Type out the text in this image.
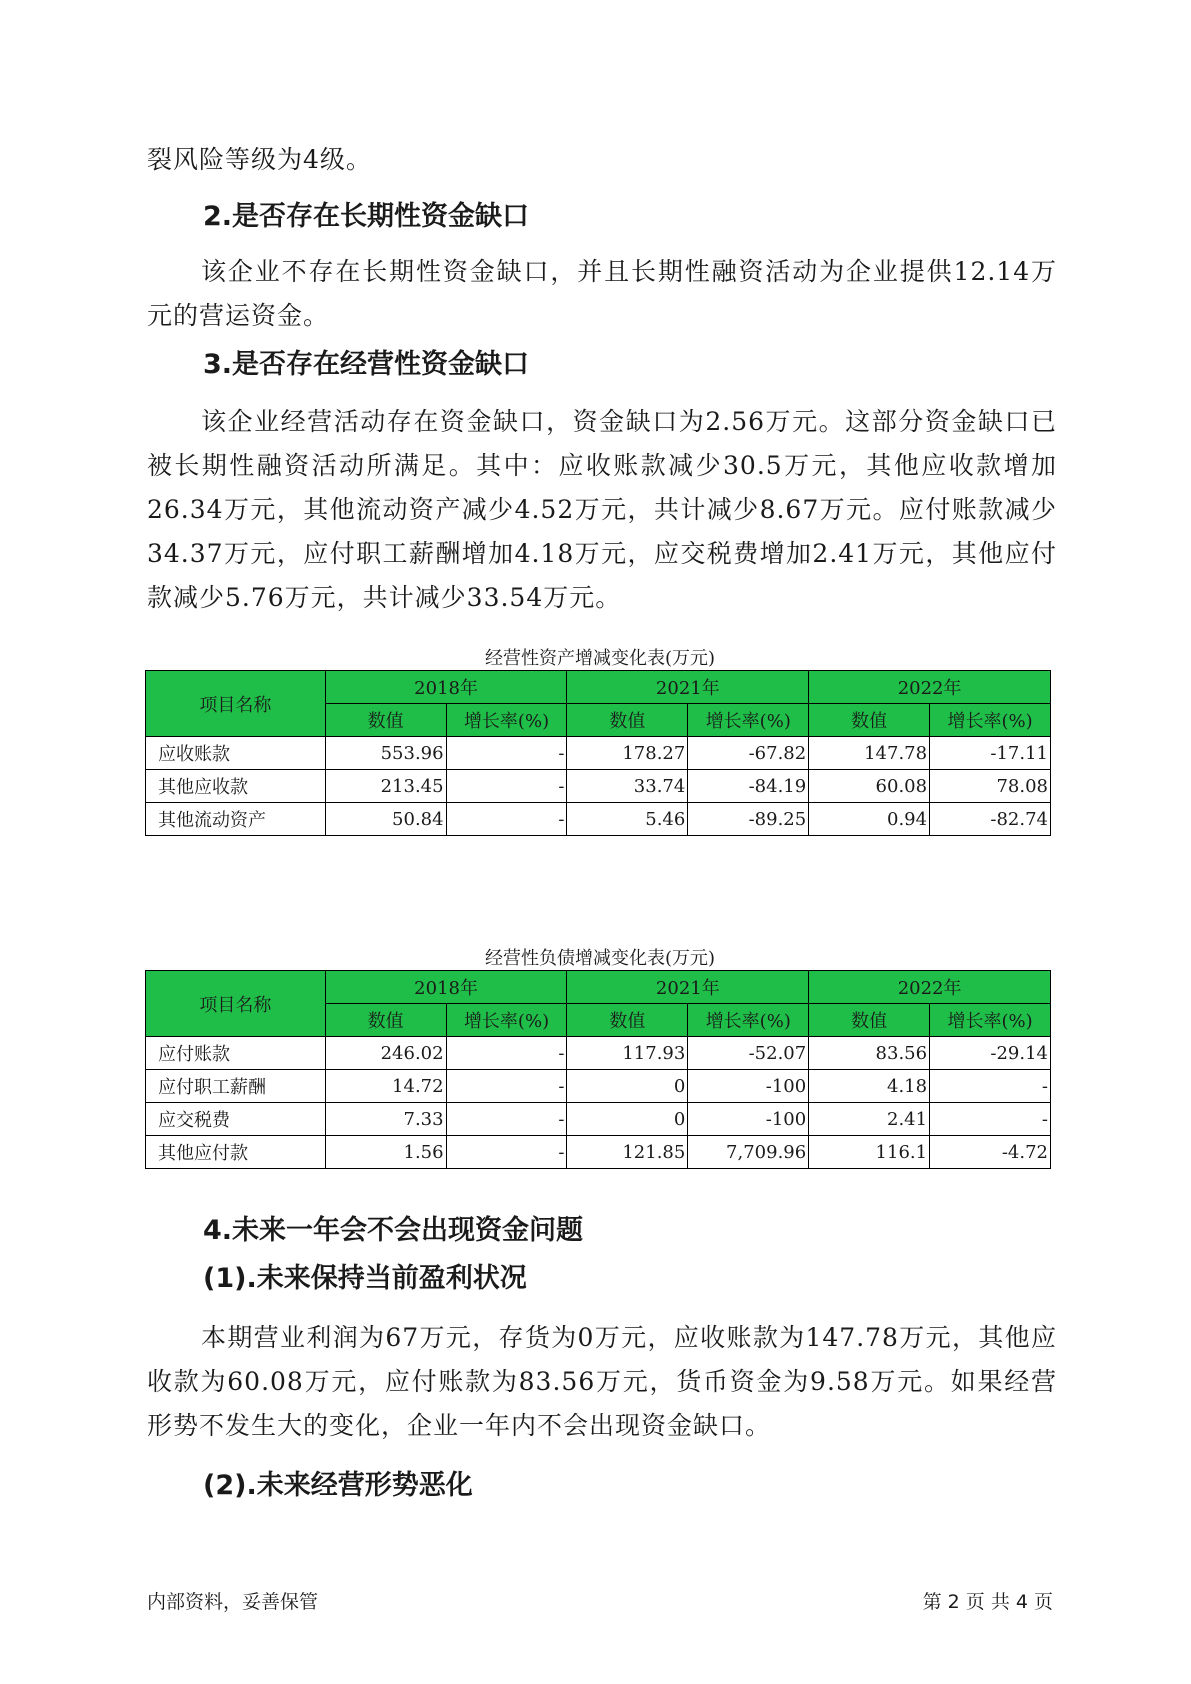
裂风险等级为4级。

2.是否存在长期性资金缺口

该企业不存在长期性资金缺口，并且长期性融资活动为企业提供12.14万元的营运资金。

3.是否存在经营性资金缺口

该企业经营活动存在资金缺口，资金缺口为2.56万元。这部分资金缺口已被长期性融资活动所满足。其中：应收账款减少30.5万元，其他应收款增加26.34万元，其他流动资产减少4.52万元，共计减少8.67万元。应付账款减少34.37万元，应付职工薪酬增加4.18万元，应交税费增加2.41万元，其他应付款减少5.76万元，共计减少33.54万元。

经营性资产增减变化表(万元)

项目名称	2018年		2021年		2022年	
	数值	增长率(%)	数值	增长率(%)	数值	增长率(%)
应收账款	553.96	-	178.27	-67.82	147.78	-17.11
其他应收款	213.45	-	33.74	-84.19	60.08	78.08
其他流动资产	50.84	-	5.46	-89.25	0.94	-82.74

经营性负债增减变化表(万元)

项目名称	2018年		2021年		2022年	
	数值	增长率(%)	数值	增长率(%)	数值	增长率(%)
应付账款	246.02	-	117.93	-52.07	83.56	-29.14
应付职工薪酬	14.72	-	0	-100	4.18	-
应交税费	7.33	-	0	-100	2.41	-
其他应付款	1.56	-	121.85	7,709.96	116.1	-4.72
4.未来一年会不会出现资金问题
(1).未来保持当前盈利状况

本期营业利润为67万元，存货为0万元，应收账款为147.78万元，其他应收款为60.08万元，应付账款为83.56万元，货币资金为9.58万元。如果经营形势不发生大的变化，企业一年内不会出现资金缺口。

(2).未来经营形势恶化
内部资料，妥善保管	第 2 页 共 4 页
